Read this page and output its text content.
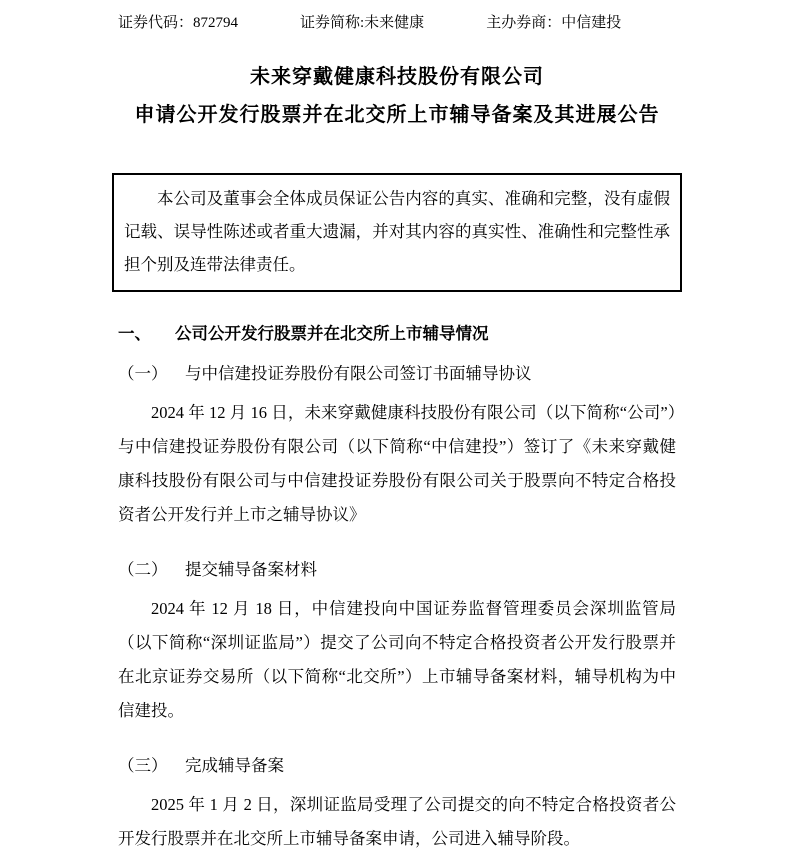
证券代码：872794	证券简称:未来健康	主办券商：中信建投
未来穿戴健康科技股份有限公司
申请公开发行股票并在北交所上市辅导备案及其进展公告

本公司及董事会全体成员保证公告内容的真实、准确和完整，没有虚假记载、误导性陈述或者重大遗漏，并对其内容的真实性、准确性和完整性承担个别及连带法律责任。

一、 公司公开发行股票并在北交所上市辅导情况
（一） 与中信建投证券股份有限公司签订书面辅导协议

2024 年 12 月 16 日，未来穿戴健康科技股份有限公司（以下简称“公司”）与中信建投证券股份有限公司（以下简称“中信建投”）签订了《未来穿戴健康科技股份有限公司与中信建投证券股份有限公司关于股票向不特定合格投资者公开发行并上市之辅导协议》

（二） 提交辅导备案材料

2024 年 12 月 18 日，中信建投向中国证券监督管理委员会深圳监管局（以下简称“深圳证监局”）提交了公司向不特定合格投资者公开发行股票并在北京证券交易所（以下简称“北交所”）上市辅导备案材料，辅导机构为中信建投。

（三） 完成辅导备案

2025 年 1 月 2 日，深圳证监局受理了公司提交的向不特定合格投资者公开发行股票并在北交所上市辅导备案申请，公司进入辅导阶段。
